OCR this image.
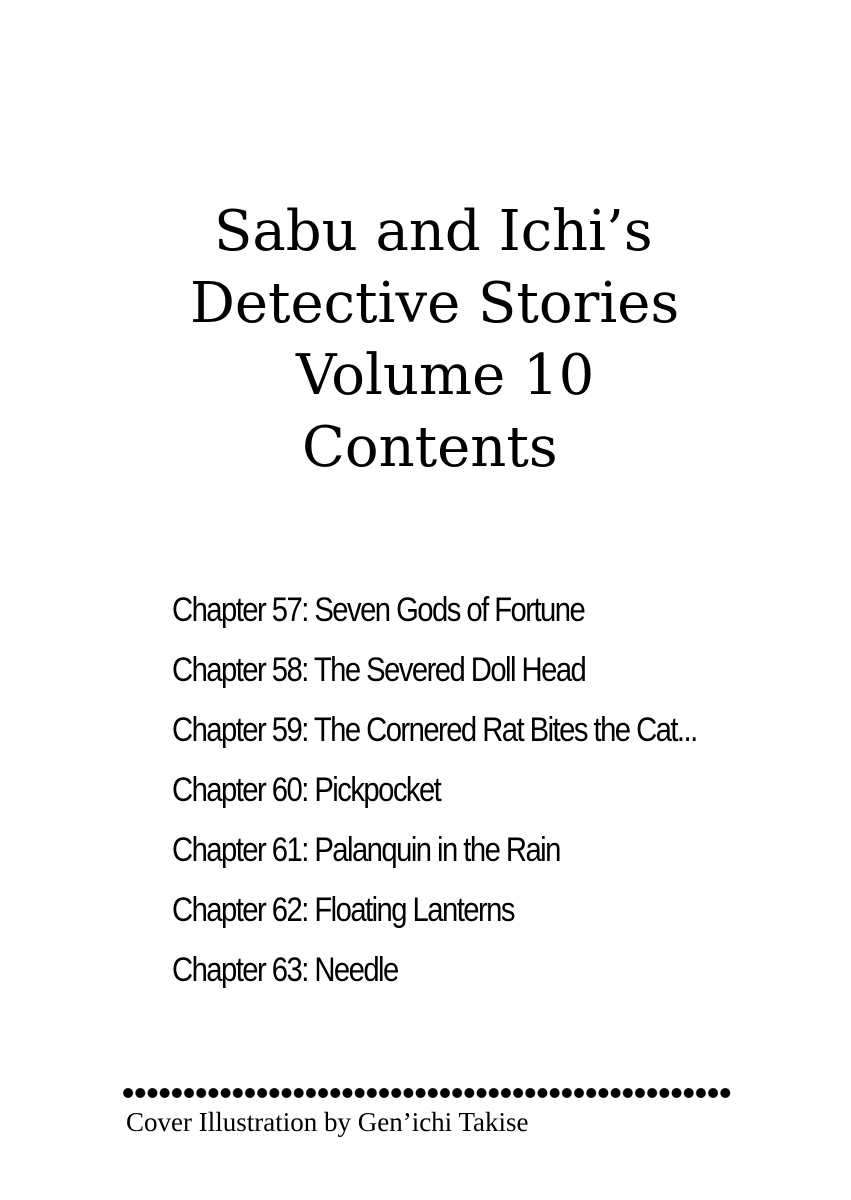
Sabu and Ichi’s
Detective Stories
Volume 10
Contents
Chapter 57: Seven Gods of Fortune
Chapter 58: The Severed Doll Head
Chapter 59: The Cornered Rat Bites the Cat...
Chapter 60: Pickpocket
Chapter 61: Palanquin in the Rain
Chapter 62: Floating Lanterns
Chapter 63: Needle
Cover Illustration by Gen’ichi Takise
